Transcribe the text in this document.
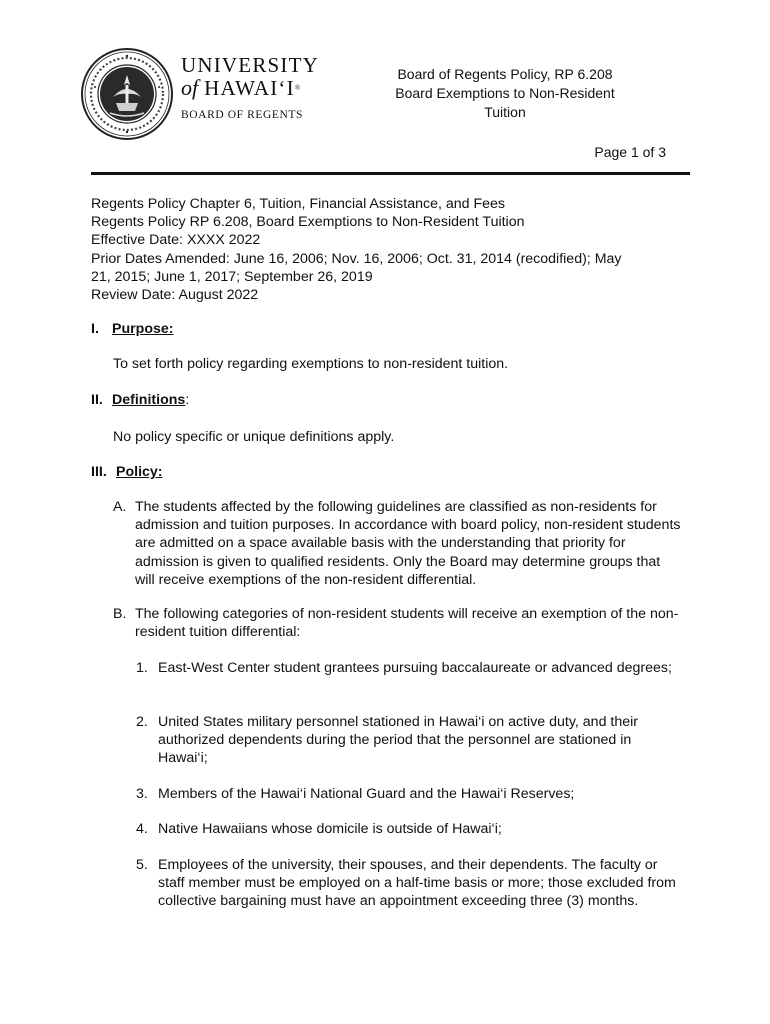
UNIVERSITY
of HAWAI‘I®
BOARD OF REGENTS
Board of Regents Policy, RP 6.208
Board Exemptions to Non-Resident
Tuition
Page 1 of 3
Regents Policy Chapter 6, Tuition, Financial Assistance, and Fees
Regents Policy RP 6.208, Board Exemptions to Non-Resident Tuition
Effective Date: XXXX 2022
Prior Dates Amended: June 16, 2006; Nov. 16, 2006; Oct. 31, 2014 (recodified); May
21, 2015; June 1, 2017; September 26, 2019
Review Date: August 2022
I. Purpose:
To set forth policy regarding exemptions to non-resident tuition.
II. Definitions:
No policy specific or unique definitions apply.
III. Policy:
A. The students affected by the following guidelines are classified as non-residents for admission and tuition purposes. In accordance with board policy, non-resident students are admitted on a space available basis with the understanding that priority for admission is given to qualified residents. Only the Board may determine groups that will receive exemptions of the non-resident differential.
B. The following categories of non-resident students will receive an exemption of the non-resident tuition differential:
1. East-West Center student grantees pursuing baccalaureate or advanced degrees;
2. United States military personnel stationed in Hawai‘i on active duty, and their authorized dependents during the period that the personnel are stationed in Hawai‘i;
3. Members of the Hawai‘i National Guard and the Hawai‘i Reserves;
4. Native Hawaiians whose domicile is outside of Hawai‘i;
5. Employees of the university, their spouses, and their dependents. The faculty or staff member must be employed on a half-time basis or more; those excluded from collective bargaining must have an appointment exceeding three (3) months.
